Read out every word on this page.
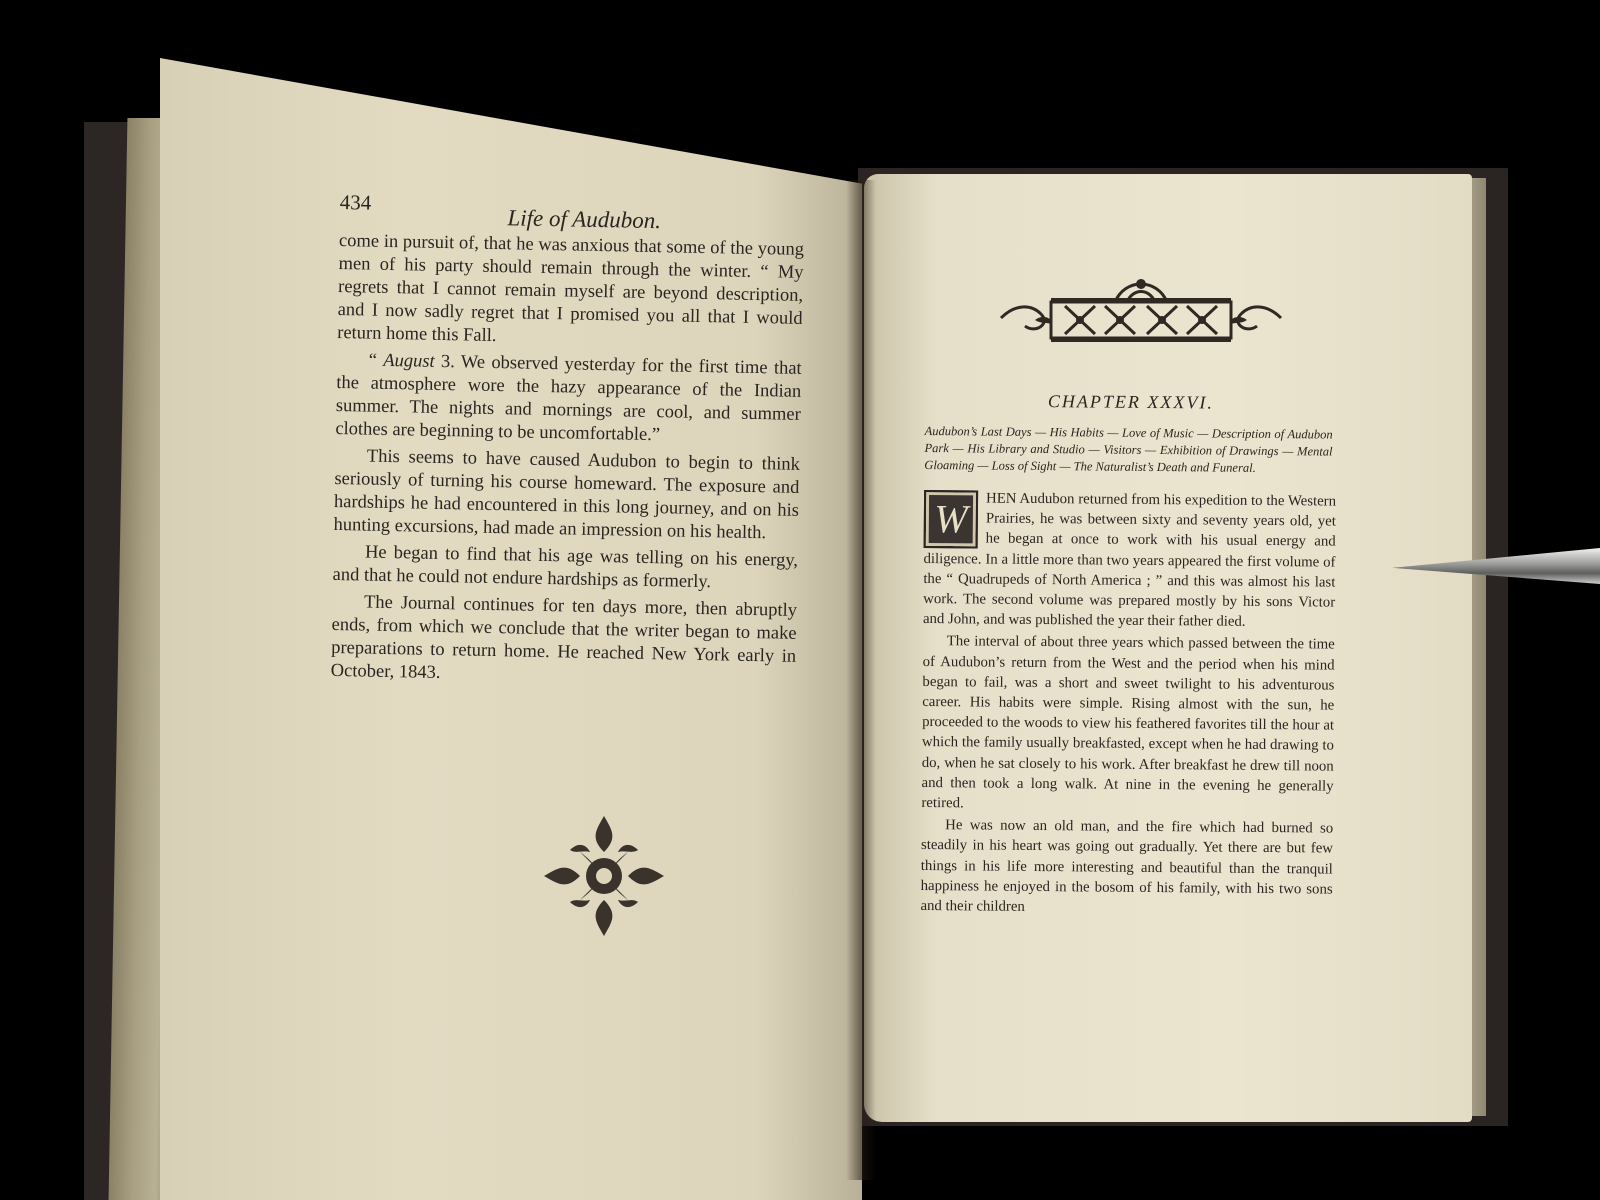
434
Life of Audubon.

come in pursuit of, that he was anxious that some of the young men of his party should remain through the winter. “ My regrets that I cannot remain myself are beyond description, and I now sadly regret that I promised you all that I would return home this Fall.

“ August 3. We observed yesterday for the first time that the atmosphere wore the hazy appearance of the Indian summer. The nights and mornings are cool, and summer clothes are beginning to be uncomfortable.”

This seems to have caused Audubon to begin to think seriously of turning his course homeward. The exposure and hardships he had encountered in this long journey, and on his hunting excursions, had made an impression on his health.

He began to find that his age was telling on his energy, and that he could not endure hardships as formerly.

The Journal continues for ten days more, then abruptly ends, from which we conclude that the writer began to make preparations to return home. He reached New York early in October, 1843.

CHAPTER XXXVI.
Audubon’s Last Days — His Habits — Love of Music — Description of Audubon Park — His Library and Studio — Visitors — Exhibition of Drawings — Mental Gloaming — Loss of Sight — The Naturalist’s Death and Funeral.

W	HEN Audubon returned from his expedition to the Western Prairies, he was between sixty and seventy years old, yet he began at once to work with his usual energy and diligence. In a little more than two years appeared the first volume of the “ Quadrupeds of North America ; ” and this was almost his last work. The second volume was prepared mostly by his sons Victor and John, and was published the year their father died.

The interval of about three years which passed between the time of Audubon’s return from the West and the period when his mind began to fail, was a short and sweet twilight to his adventurous career. His habits were simple. Rising almost with the sun, he proceeded to the woods to view his feathered favorites till the hour at which the family usually breakfasted, except when he had drawing to do, when he sat closely to his work. After breakfast he drew till noon and then took a long walk. At nine in the evening he generally retired.

He was now an old man, and the fire which had burned so steadily in his heart was going out gradually. Yet there are but few things in his life more interesting and beautiful than the tranquil happiness he enjoyed in the bosom of his family, with his two sons and their children
